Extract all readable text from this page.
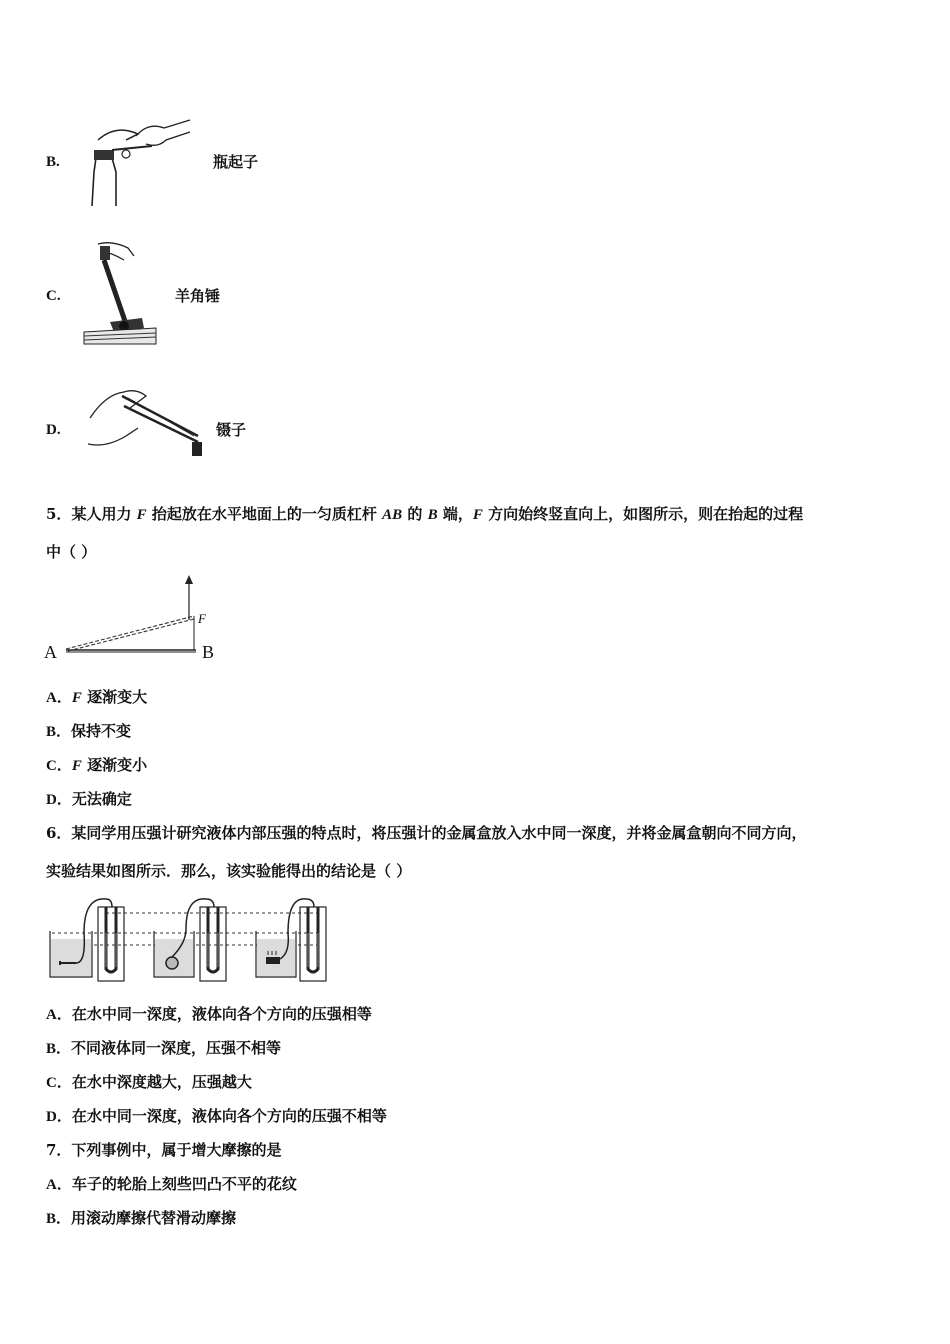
B.	瓶起子
C.	羊角锤
D.	镊子
5．某人用力 F 抬起放在水平地面上的一匀质杠杆 AB 的 B 端，F 方向始终竖直向上，如图所示，则在抬起的过程
中（ ）
A	B
F
A．F 逐渐变大
B．保持不变
C．F 逐渐变小
D．无法确定
6．某同学用压强计研究液体内部压强的特点时，将压强计的金属盒放入水中同一深度，并将金属盒朝向不同方向，
实验结果如图所示．那么，该实验能得出的结论是（ ）
A．在水中同一深度，液体向各个方向的压强相等
B．不同液体同一深度，压强不相等
C．在水中深度越大，压强越大
D．在水中同一深度，液体向各个方向的压强不相等
7．下列事例中，属于增大摩擦的是
A．车子的轮胎上刻些凹凸不平的花纹
B．用滚动摩擦代替滑动摩擦
